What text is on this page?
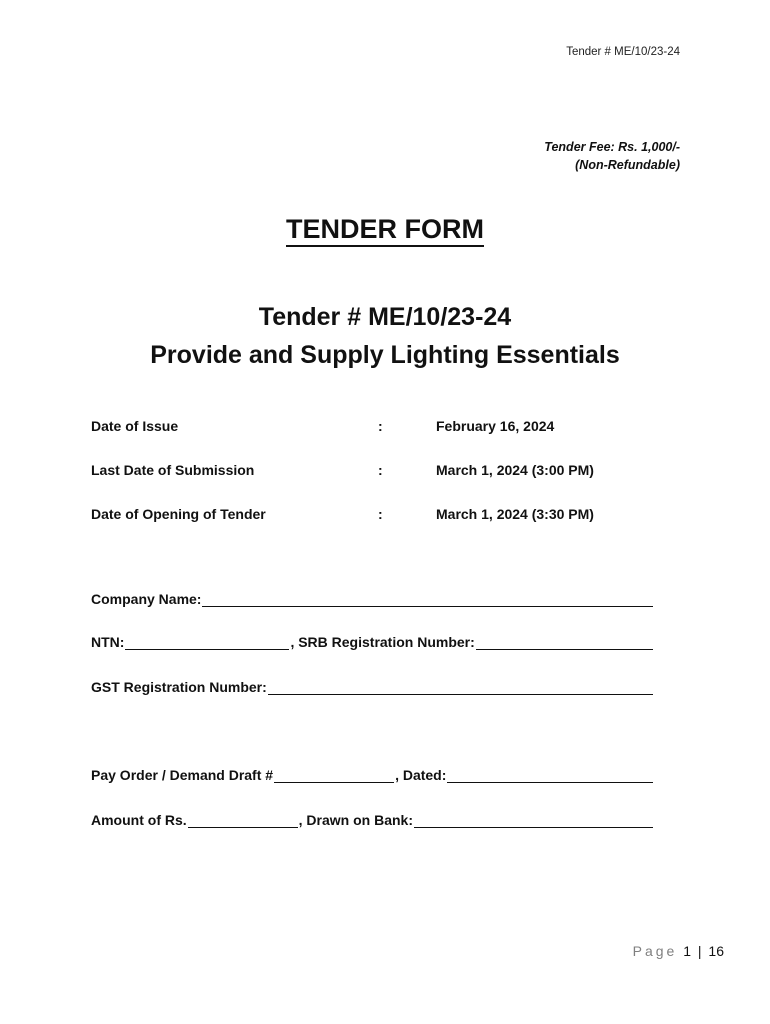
Tender # ME/10/23-24
Tender Fee: Rs. 1,000/-
(Non-Refundable)
TENDER FORM
Tender # ME/10/23-24
Provide and Supply Lighting Essentials
Date of Issue	:	February 16, 2024
Last Date of Submission	:	March 1, 2024 (3:00 PM)
Date of Opening of Tender	:	March 1, 2024 (3:30 PM)
Company Name:
NTN:	, SRB Registration Number:
GST Registration Number:
Pay Order / Demand Draft #	, Dated:
Amount of Rs.	, Drawn on Bank:
Page 1 | 16
